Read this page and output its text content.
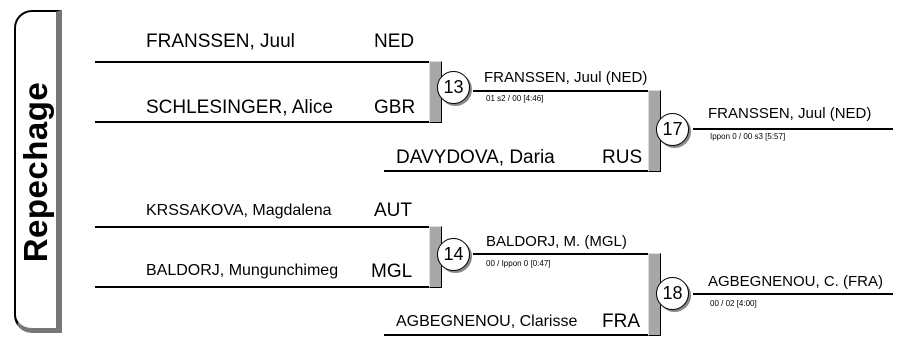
Repechage
FRANSSEN, Juul	NED
SCHLESINGER, Alice GBR
13	FRANSSEN, Juul (NED)
01 s2 / 00 [4:46]
DAVYDOVA, Daria RUS
17
FRANSSEN, Juul (NED)
Ippon 0 / 00 s3 [5:57]
KRSSAKOVA, Magdalena AUT
BALDORJ, Mungunchimeg MGL
14
BALDORJ, M. (MGL)
00 / Ippon 0 [0:47]
AGBEGNENOU, Clarisse FRA
18
AGBEGNENOU, C. (FRA)
00 / 02 [4:00]
